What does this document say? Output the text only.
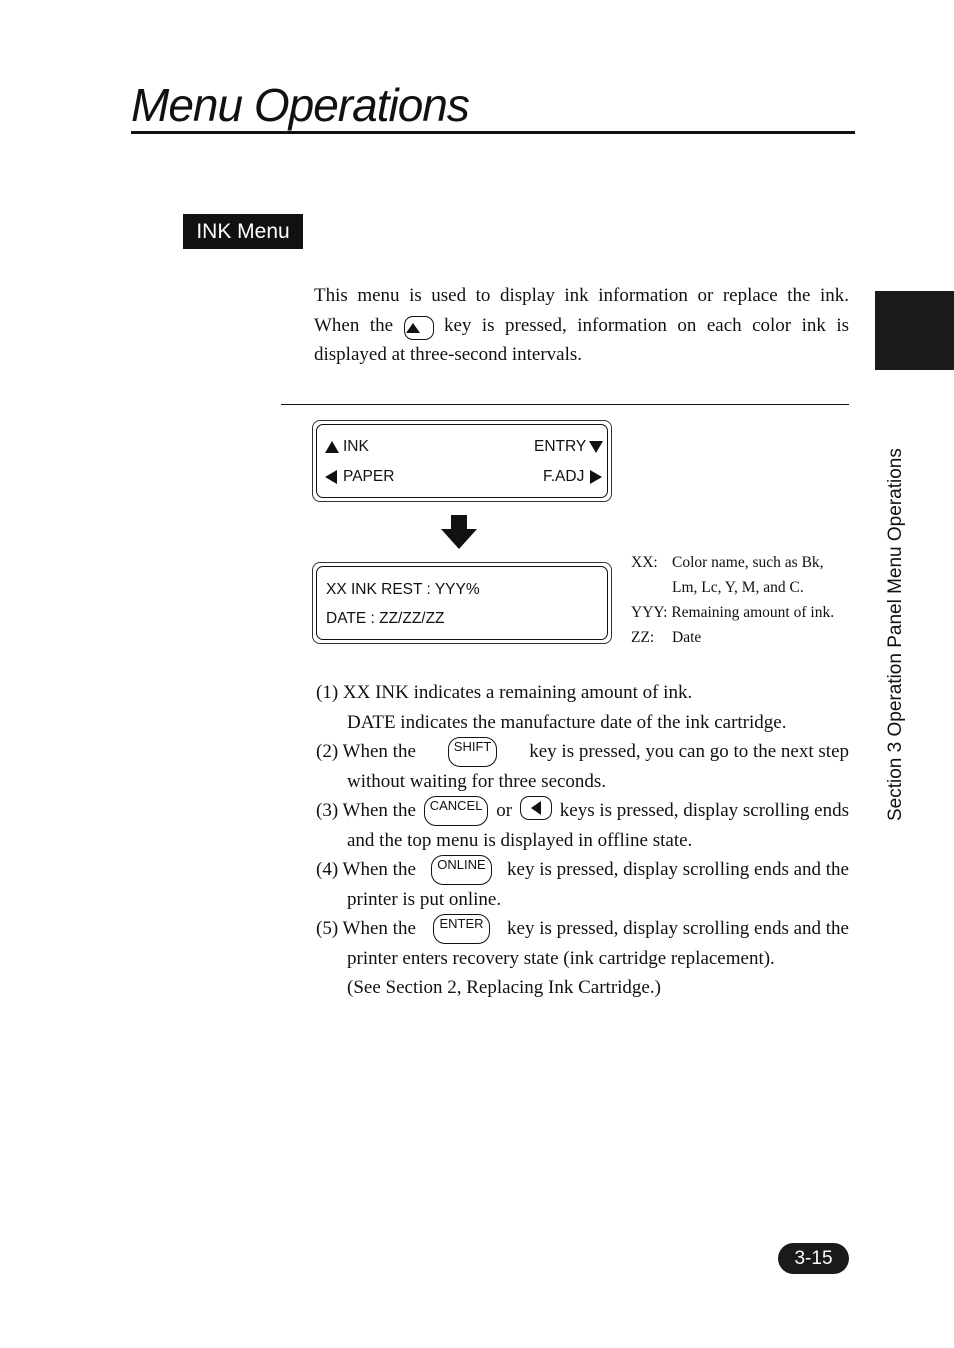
Menu Operations
INK Menu
Section 3 Operation Panel Menu Operations
This menu is used to display ink information or replace the ink.
When the	key is pressed, information on each color ink is
displayed at three-second intervals.
INK	ENTRY
PAPER	F.ADJ
XX INK REST : YYY%
DATE : ZZ/ZZ/ZZ
XX: Color name, such as Bk,
Lm, Lc, Y, M, and C.
YYY: Remaining amount of ink.
ZZ: Date
(1) XX INK indicates a remaining amount of ink.
DATE indicates the manufacture date of the ink cartridge.
(2) When the	SHIFT	key is pressed, you can go to the next step
without waiting for three seconds.
(3) When the	CANCEL or	keys is pressed, display scrolling ends
and the top menu is displayed in offline state.
(4) When the	ONLINE	key is pressed, display scrolling ends and the
printer is put online.
(5) When the	ENTER	key is pressed, display scrolling ends and the
printer enters recovery state (ink cartridge replacement).
(See Section 2, Replacing Ink Cartridge.)
3-15
